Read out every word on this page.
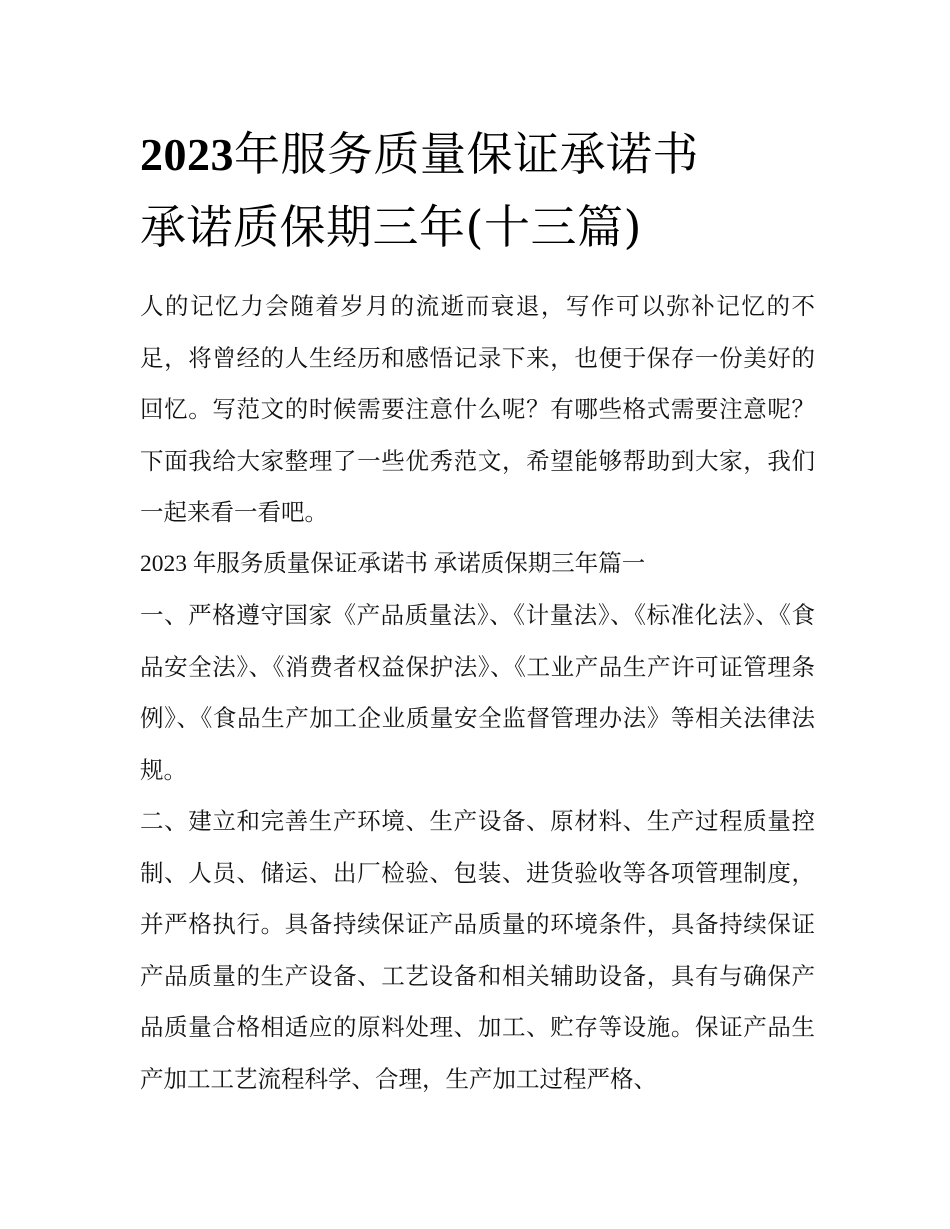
2023年服务质量保证承诺书
承诺质保期三年(十三篇)

人的记忆力会随着岁月的流逝而衰退，写作可以弥补记忆的不足，将曾经的人生经历和感悟记录下来，也便于保存一份美好的回忆。写范文的时候需要注意什么呢？有哪些格式需要注意呢？下面我给大家整理了一些优秀范文，希望能够帮助到大家，我们一起来看一看吧。

2023 年服务质量保证承诺书 承诺质保期三年篇一

一、严格遵守国家《产品质量法》、《计量法》、《标准化法》、《食品安全法》、《消费者权益保护法》、《工业产品生产许可证管理条例》、《食品生产加工企业质量安全监督管理办法》等相关法律法规。

二、建立和完善生产环境、生产设备、原材料、生产过程质量控制、人员、储运、出厂检验、包装、进货验收等各项管理制度，并严格执行。具备持续保证产品质量的环境条件，具备持续保证产品质量的生产设备、工艺设备和相关辅助设备，具有与确保产品质量合格相适应的原料处理、加工、贮存等设施。保证产品生产加工工艺流程科学、合理，生产加工过程严格、
